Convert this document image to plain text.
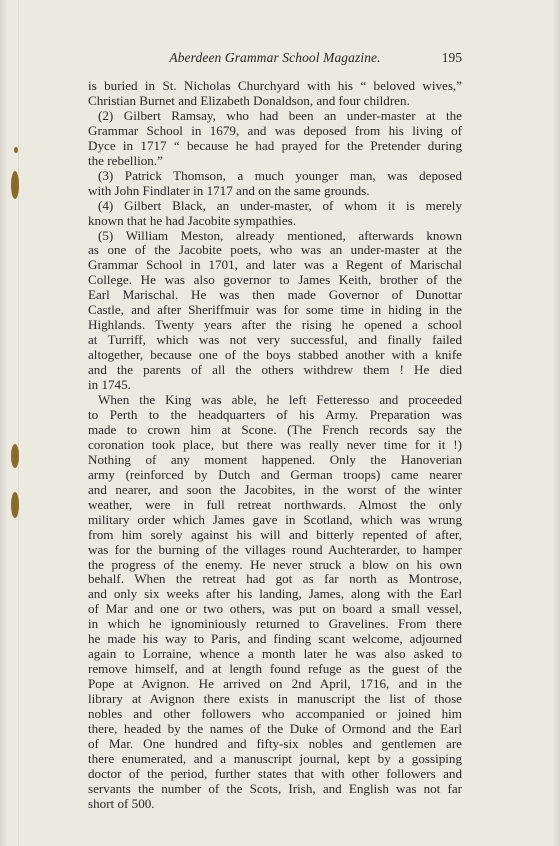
Aberdeen Grammar School Magazine.	195

is buried in St. Nicholas Churchyard with his “ beloved wives,”
Christian Burnet and Elizabeth Donaldson, and four children.

(2) Gilbert Ramsay, who had been an under-master at the
Grammar School in 1679, and was deposed from his living of
Dyce in 1717 “ because he had prayed for the Pretender during
the rebellion.”

(3) Patrick Thomson, a much younger man, was deposed
with John Findlater in 1717 and on the same grounds.

(4) Gilbert Black, an under-master, of whom it is merely
known that he had Jacobite sympathies.

(5) William Meston, already mentioned, afterwards known
as one of the Jacobite poets, who was an under-master at the
Grammar School in 1701, and later was a Regent of Marischal
College. He was also governor to James Keith, brother of the
Earl Marischal. He was then made Governor of Dunottar
Castle, and after Sheriffmuir was for some time in hiding in the
Highlands. Twenty years after the rising he opened a school
at Turriff, which was not very successful, and finally failed
altogether, because one of the boys stabbed another with a knife
and the parents of all the others withdrew them ! He died
in 1745.

When the King was able, he left Fetteresso and proceeded
to Perth to the headquarters of his Army. Preparation was
made to crown him at Scone. (The French records say the
coronation took place, but there was really never time for it !)
Nothing of any moment happened. Only the Hanoverian
army (reinforced by Dutch and German troops) came nearer
and nearer, and soon the Jacobites, in the worst of the winter
weather, were in full retreat northwards. Almost the only
military order which James gave in Scotland, which was wrung
from him sorely against his will and bitterly repented of after,
was for the burning of the villages round Auchterarder, to hamper
the progress of the enemy. He never struck a blow on his own
behalf. When the retreat had got as far north as Montrose,
and only six weeks after his landing, James, along with the Earl
of Mar and one or two others, was put on board a small vessel,
in which he ignominiously returned to Gravelines. From there
he made his way to Paris, and finding scant welcome, adjourned
again to Lorraine, whence a month later he was also asked to
remove himself, and at length found refuge as the guest of the
Pope at Avignon. He arrived on 2nd April, 1716, and in the
library at Avignon there exists in manuscript the list of those
nobles and other followers who accompanied or joined him
there, headed by the names of the Duke of Ormond and the Earl
of Mar. One hundred and fifty-six nobles and gentlemen are
there enumerated, and a manuscript journal, kept by a gossiping
doctor of the period, further states that with other followers and
servants the number of the Scots, Irish, and English was not far
short of 500.
